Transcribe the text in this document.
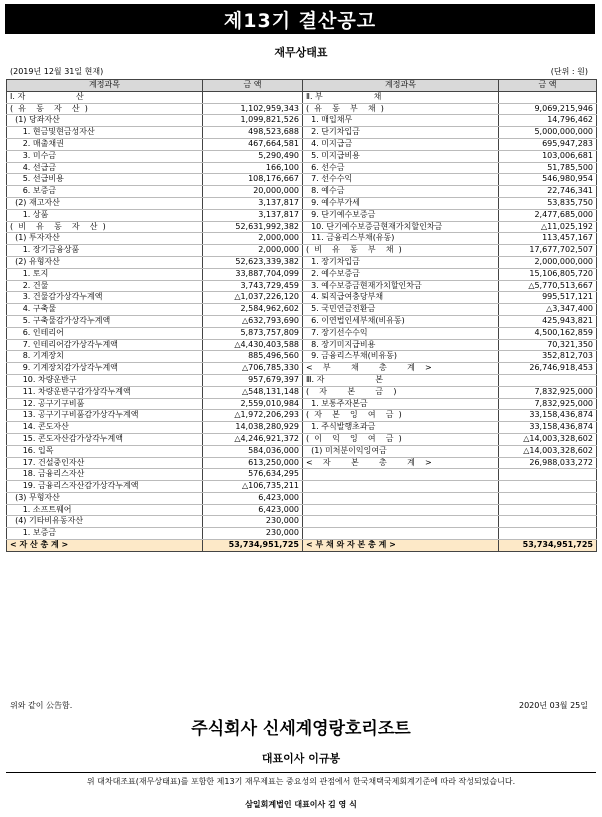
제13기 결산공고
재무상태표
(2019년 12월 31일 현재)	(단위 : 원)
계정과목	금 액	계정과목	금 액
Ⅰ. 자                    산		Ⅱ. 부                    채	
(  유    동    자    산  )	1,102,959,343	(  유    동    부    채  )	9,069,215,946
(1) 당좌자산	1,099,821,526	1. 매입채무	14,796,462
1. 현금및현금성자산	498,523,688	2. 단기차입금	5,000,000,000
2. 매출채권	467,664,581	4. 미지급금	695,947,283
3. 미수금	5,290,490	5. 미지급비용	103,006,681
4. 선급금	166,100	6. 선수금	51,785,500
5. 선급비용	108,176,667	7. 선수수익	546,980,954
6. 보증금	20,000,000	8. 예수금	22,746,341
(2) 재고자산	3,137,817	9. 예수부가세	53,835,750
1. 상품	3,137,817	9. 단기예수보증금	2,477,685,000
(  비    유    동    자    산  )	52,631,992,382	10. 단기예수보증금현재가치할인차금	△11,025,192
(1) 투자자산	2,000,000	11. 금융리스부채(유동)	113,457,167
1. 장기금융상품	2,000,000	(  비    유    동    부    채  )	17,677,702,507
(2) 유형자산	52,623,339,382	1. 장기차입금	2,000,000,000
1. 토지	33,887,704,099	2. 예수보증금	15,106,805,720
2. 건물	3,743,729,459	3. 예수보증금현재가치할인차금	△5,770,513,667
3. 건물감가상각누계액	△1,037,226,120	4. 퇴직급여충당부채	995,517,121
4. 구축물	2,584,962,602	5. 국민연금전환금	△3,347,400
5. 구축물감가상각누계액	△632,793,690	6. 이연법인세부채(비유동)	425,943,821
6. 인테리어	5,873,757,809	7. 장기선수수익	4,500,162,859
7. 인테리어감가상각누계액	△4,430,403,588	8. 장기미지급비용	70,321,350
8. 기계장치	885,496,560	9. 금융리스부채(비유동)	352,812,703
9. 기계장치감가상각누계액	△706,785,330	<    부        채        총        계    >	26,746,918,453
10. 차량운반구	957,679,397	Ⅲ. 자                    본	
11. 차량운반구감가상각누계액	△548,131,148	(    자        본        금    )	7,832,925,000
12. 공구기구비품	2,559,010,984	1. 보통주자본금	7,832,925,000
13. 공구기구비품감가상각누계액	△1,972,206,293	(  자    본    잉    여    금  )	33,158,436,874
14. 콘도자산	14,038,280,929	1. 주식발행초과금	33,158,436,874
15. 콘도자산감가상각누계액	△4,246,921,372	(  이    익    잉    여    금  )	△14,003,328,602
16. 입목	584,036,000	(1) 미처분이익잉여금	△14,003,328,602
17. 건설중인자산	613,250,000	<    자        본        총        계    >	26,988,033,272
18. 금융리스자산	576,634,295		
19. 금융리스자산감가상각누계액	△106,735,211		
(3) 무형자산	6,423,000		
1. 소프트웨어	6,423,000		
(4) 기타비유동자산	230,000		
1. 보증금	230,000		
< 자 산 총 계 >	53,734,951,725	< 부 채 와 자 본 총 계 >	53,734,951,725
위와 같이 公告함.	2020년 03월 25일
주식회사 신세계영랑호리조트
대표이사 이규봉
위 대차대조표(재무상태표)를 포함한 제13기 재무제표는 중요성의 관점에서 한국채택국제회계기준에 따라 작성되었습니다.
삼일회계법인 대표이사 김 영 식
